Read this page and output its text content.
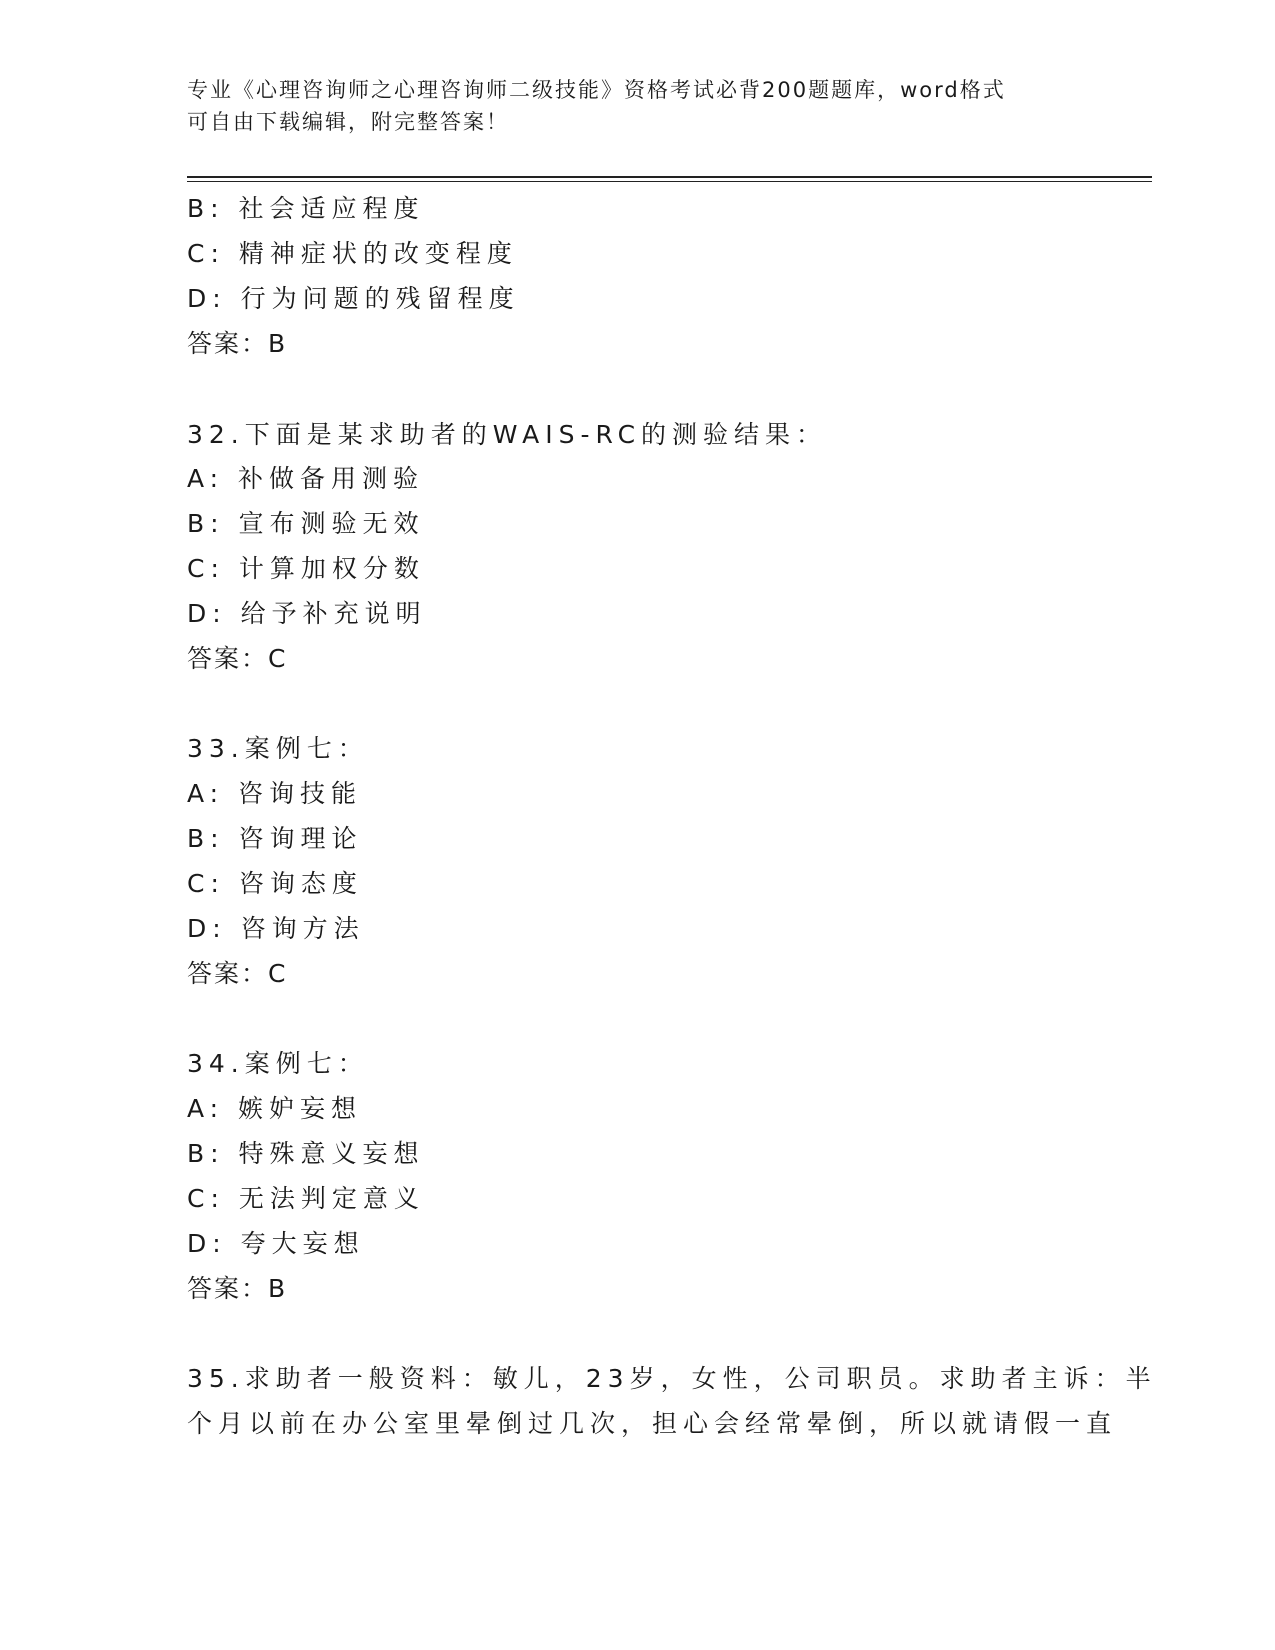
专业《心理咨询师之心理咨询师二级技能》资格考试必背200题题库，word格式
可自由下载编辑，附完整答案！
B: 社会适应程度
C: 精神症状的改变程度
D: 行为问题的残留程度
答案：B
32.下面是某求助者的WAIS-RC的测验结果：
A: 补做备用测验
B: 宣布测验无效
C: 计算加权分数
D: 给予补充说明
答案：C
33.案例七：
A: 咨询技能
B: 咨询理论
C: 咨询态度
D: 咨询方法
答案：C
34.案例七：
A: 嫉妒妄想
B: 特殊意义妄想
C: 无法判定意义
D: 夸大妄想
答案：B
35.求助者一般资料：敏儿，23岁，女性，公司职员。求助者主诉：半
个月以前在办公室里晕倒过几次，担心会经常晕倒，所以就请假一直
